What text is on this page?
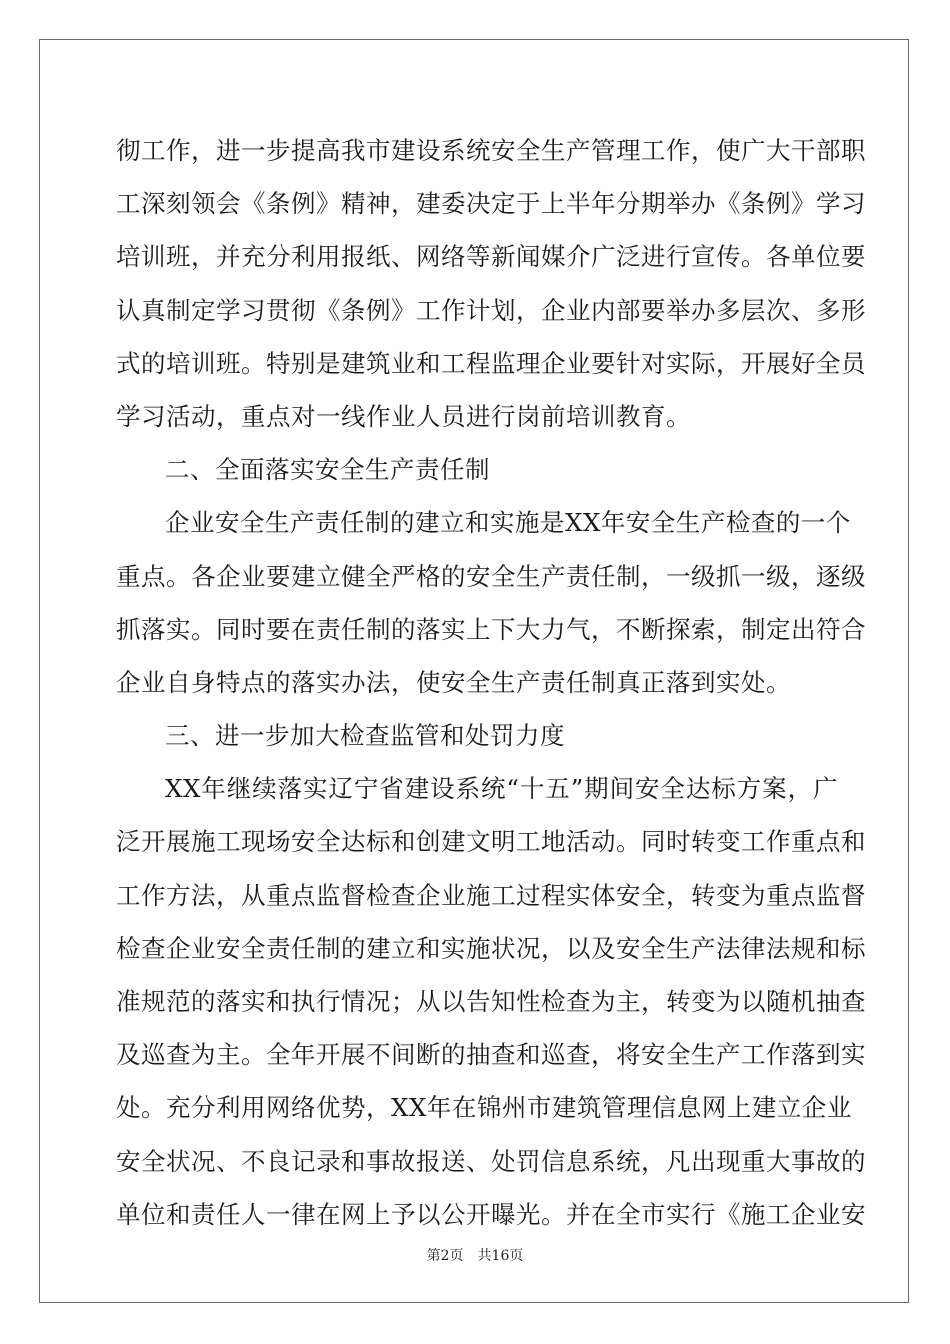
彻工作，进一步提高我市建设系统安全生产管理工作，使广大干部职
工深刻领会《条例》精神，建委决定于上半年分期举办《条例》学习
培训班，并充分利用报纸、网络等新闻媒介广泛进行宣传。各单位要
认真制定学习贯彻《条例》工作计划，企业内部要举办多层次、多形
式的培训班。特别是建筑业和工程监理企业要针对实际，开展好全员
学习活动，重点对一线作业人员进行岗前培训教育。
二、全面落实安全生产责任制
企业安全生产责任制的建立和实施是XX年安全生产检查的一个
重点。各企业要建立健全严格的安全生产责任制，一级抓一级，逐级
抓落实。同时要在责任制的落实上下大力气，不断探索，制定出符合
企业自身特点的落实办法，使安全生产责任制真正落到实处。
三、进一步加大检查监管和处罚力度
XX年继续落实辽宁省建设系统“十五”期间安全达标方案，广
泛开展施工现场安全达标和创建文明工地活动。同时转变工作重点和
工作方法，从重点监督检查企业施工过程实体安全，转变为重点监督
检查企业安全责任制的建立和实施状况，以及安全生产法律法规和标
准规范的落实和执行情况；从以告知性检查为主，转变为以随机抽查
及巡查为主。全年开展不间断的抽查和巡查，将安全生产工作落到实
处。充分利用网络优势，XX年在锦州市建筑管理信息网上建立企业
安全状况、不良记录和事故报送、处罚信息系统，凡出现重大事故的
单位和责任人一律在网上予以公开曝光。并在全市实行《施工企业安
第2页 共16页
